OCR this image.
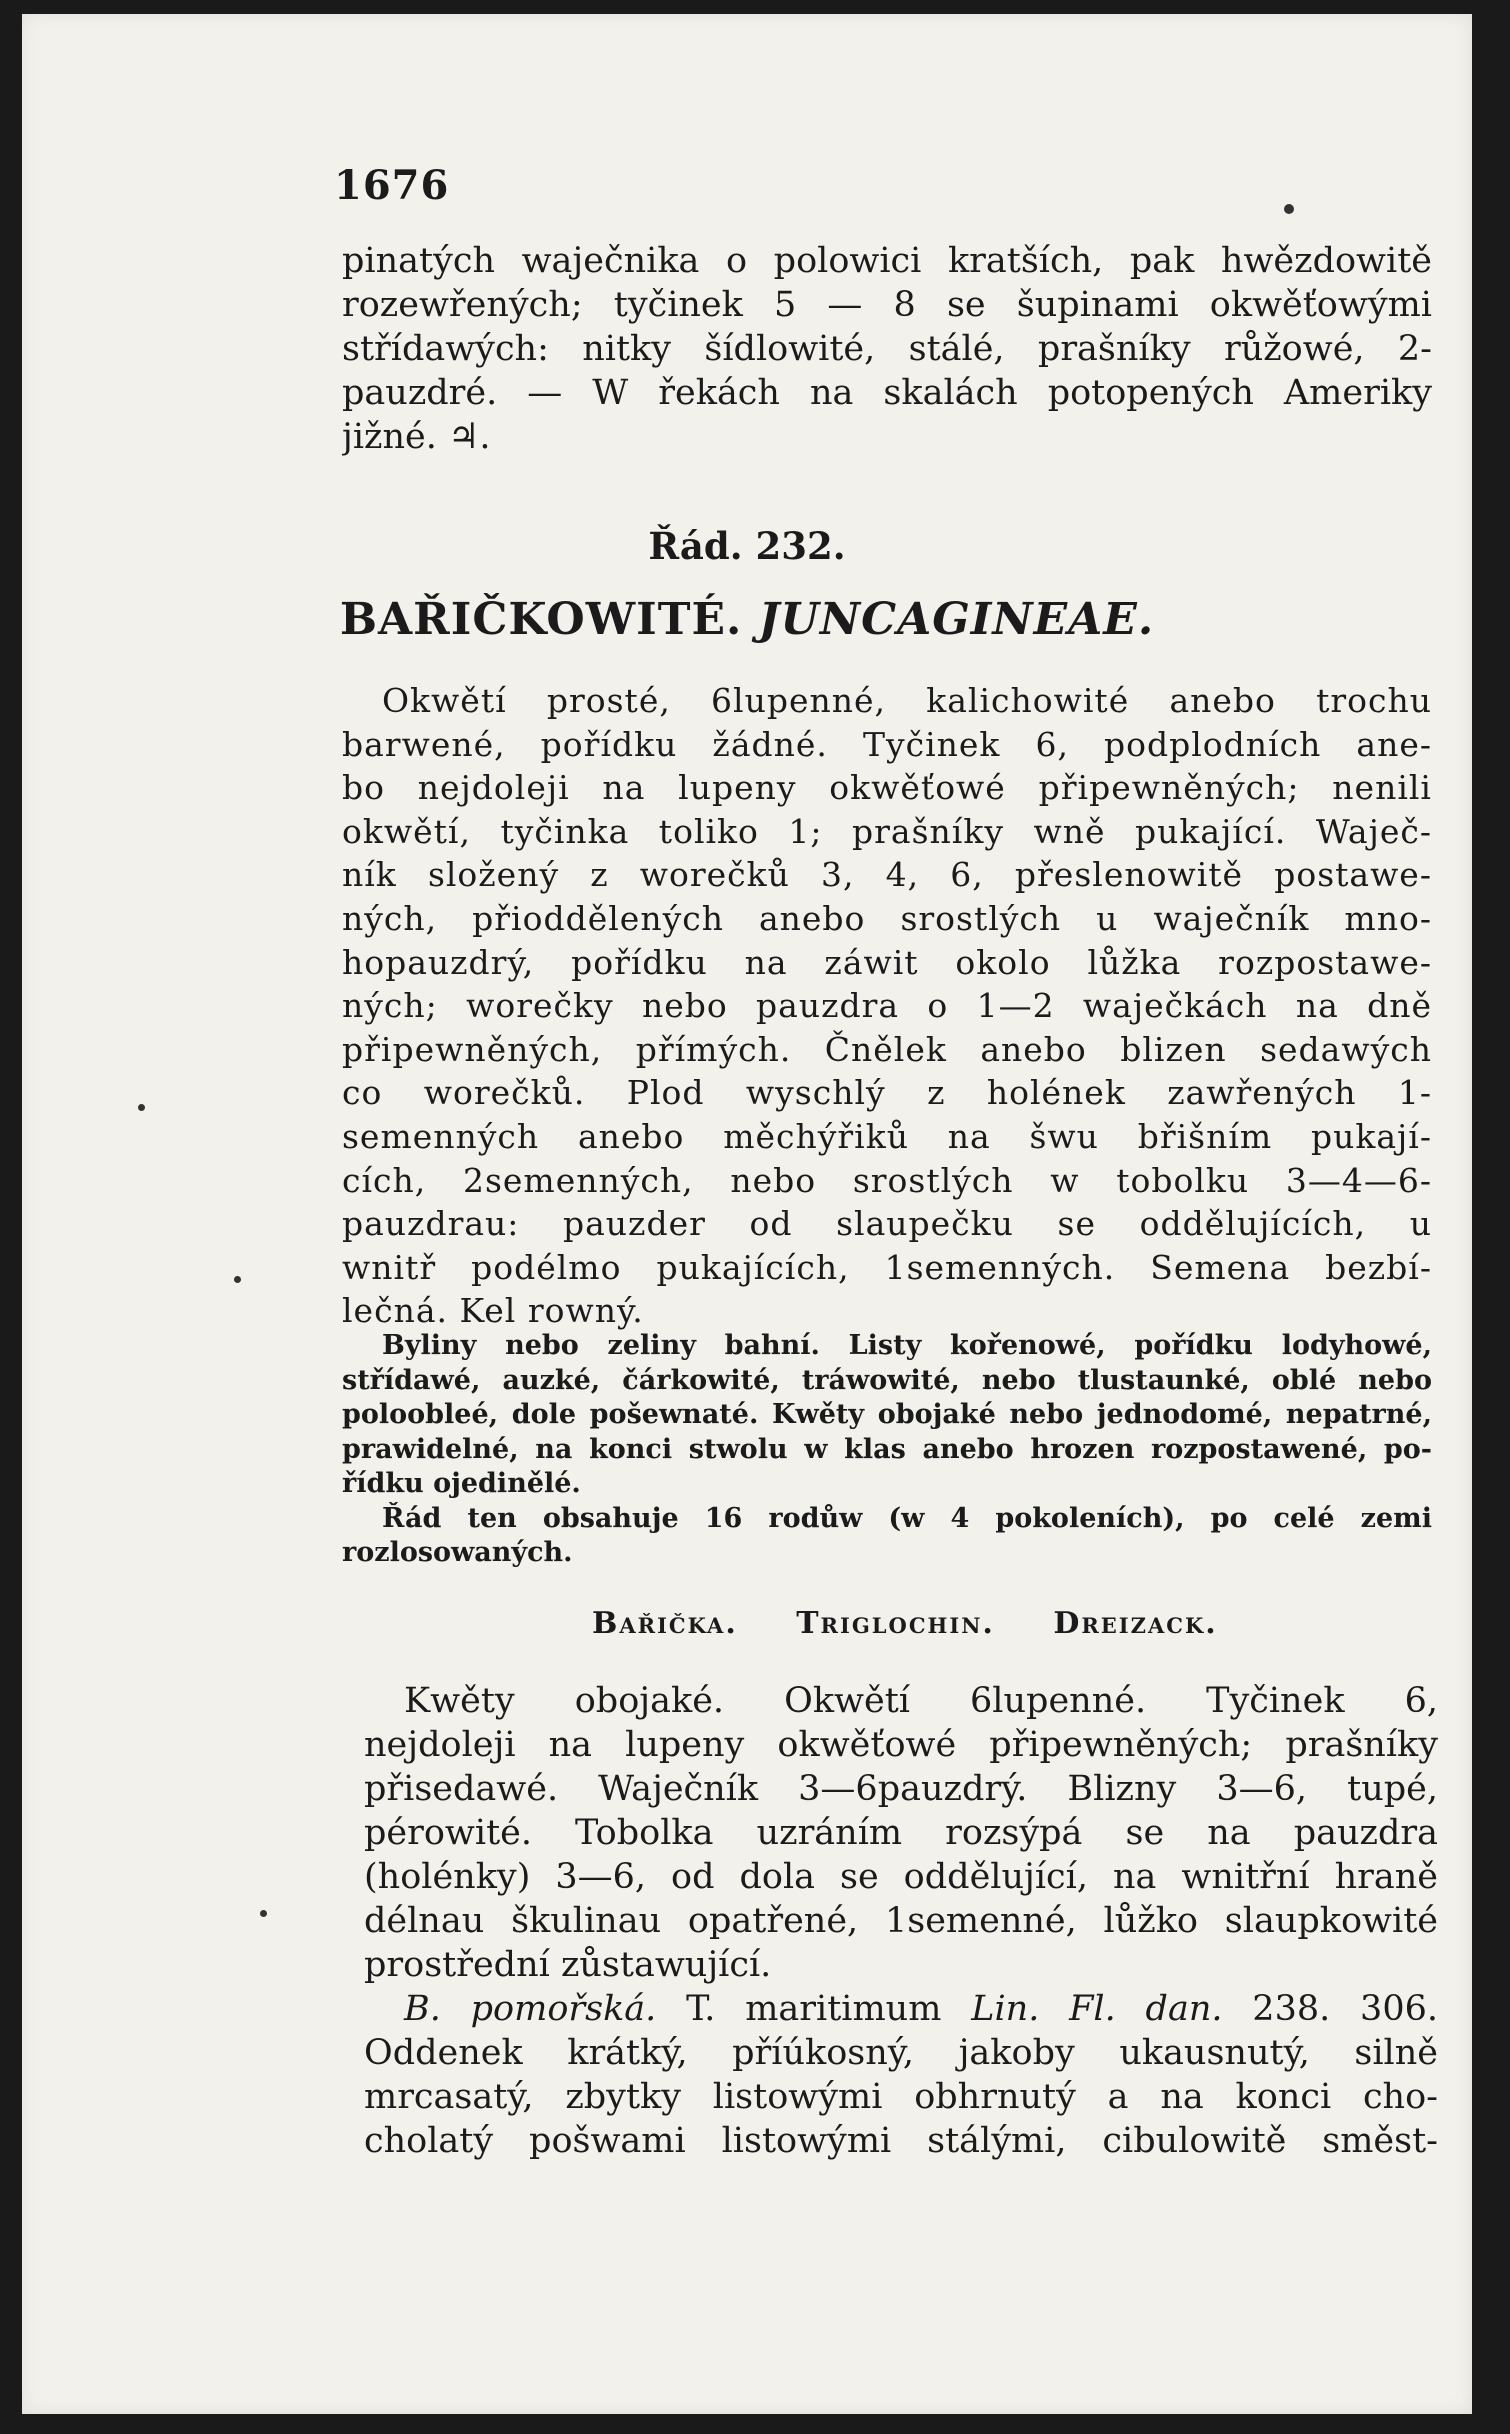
1676
pinatých waječnika o polowici kratších, pak hwězdowitě
rozewřených; tyčinek 5 — 8 se šupinami okwěťowými
střídawých: nitky šídlowité, stálé, prašníky růžowé, 2-
pauzdré. — W řekách na skalách potopených Ameriky
jižné. ♃.
Řád. 232.
BAŘIČKOWITÉ. JUNCAGINEAE.
Okwětí prosté, 6lupenné, kalichowité anebo trochu
barwené, pořídku žádné. Tyčinek 6, podplodních ane-
bo nejdoleji na lupeny okwěťowé připewněných; nenili
okwětí, tyčinka toliko 1; prašníky wně pukající. Waječ-
ník složený z worečků 3, 4, 6, přeslenowitě postawe-
ných, přioddělených anebo srostlých u waječník mno-
hopauzdrý, pořídku na záwit okolo lůžka rozpostawe-
ných; worečky nebo pauzdra o 1—2 waječkách na dně
připewněných, přímých. Čnělek anebo blizen sedawých
co worečků. Plod wyschlý z holének zawřených 1-
semenných anebo měchýřiků na šwu břišním pukají-
cích, 2semenných, nebo srostlých w tobolku 3—4—6-
pauzdrau: pauzder od slaupečku se oddělujících, u
wnitř podélmo pukajících, 1semenných. Semena bezbí-
lečná. Kel rowný.
Byliny nebo zeliny bahní. Listy kořenowé, pořídku lodyhowé,
střídawé, auzké, čárkowité, tráwowité, nebo tlustaunké, oblé nebo
poloobleé, dole pošewnaté. Kwěty obojaké nebo jednodomé, nepatrné,
prawidelné, na konci stwolu w klas anebo hrozen rozpostawené, po-
řídku ojedinělé.
Řád ten obsahuje 16 rodůw (w 4 pokoleních), po celé zemi
rozlosowaných.
Bařička. Triglochin. Dreizack.
Kwěty obojaké. Okwětí 6lupenné. Tyčinek 6,
nejdoleji na lupeny okwěťowé připewněných; prašníky
přisedawé. Waječník 3—6pauzdrý. Blizny 3—6, tupé,
pérowité. Tobolka uzráním rozsýpá se na pauzdra
(holénky) 3—6, od dola se oddělující, na wnitřní hraně
délnau škulinau opatřené, 1semenné, lůžko slaupkowité
prostřední zůstawující.
B. pomořská. T. maritimum Lin. Fl. dan. 238. 306.
Oddenek krátký, příúkosný, jakoby ukausnutý, silně
mrcasatý, zbytky listowými obhrnutý a na konci cho-
cholatý pošwami listowými stálými, cibulowitě směst-
